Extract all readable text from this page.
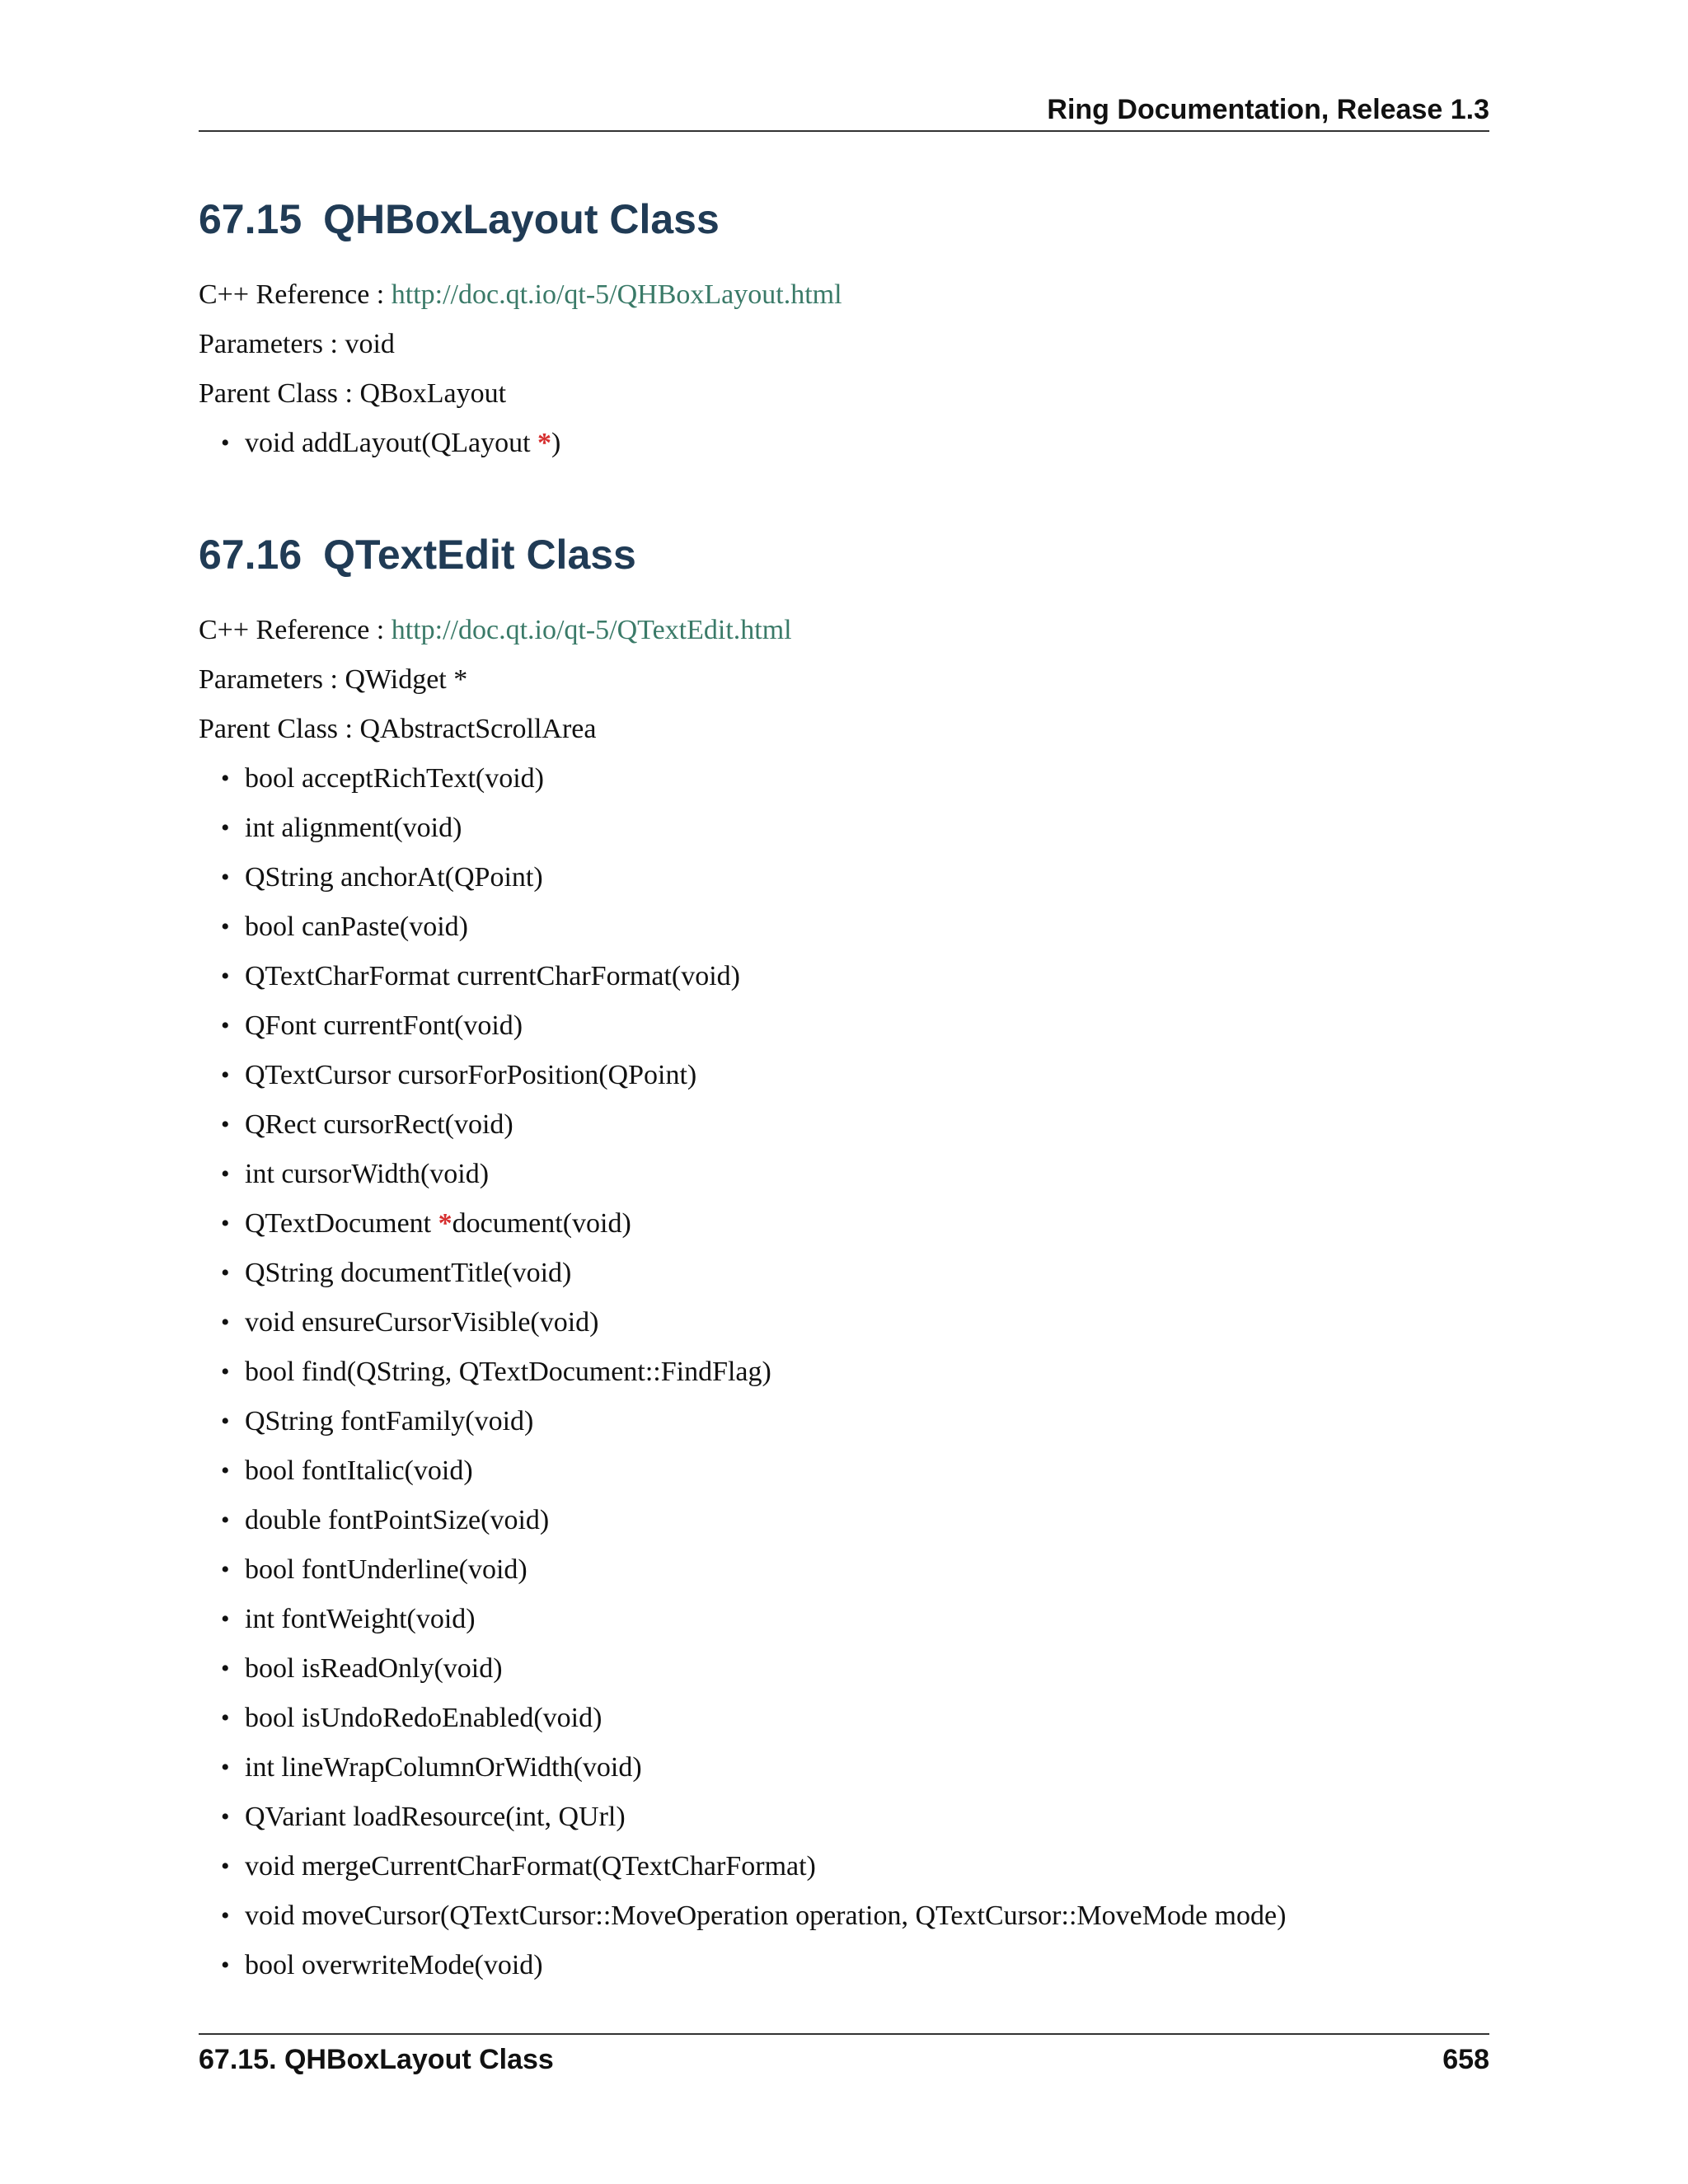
Ring Documentation, Release 1.3
67.15 QHBoxLayout Class
C++ Reference : http://doc.qt.io/qt-5/QHBoxLayout.html
Parameters : void
Parent Class : QBoxLayout
• void addLayout(QLayout *)
67.16 QTextEdit Class
C++ Reference : http://doc.qt.io/qt-5/QTextEdit.html
Parameters : QWidget *
Parent Class : QAbstractScrollArea
• bool acceptRichText(void)
• int alignment(void)
• QString anchorAt(QPoint)
• bool canPaste(void)
• QTextCharFormat currentCharFormat(void)
• QFont currentFont(void)
• QTextCursor cursorForPosition(QPoint)
• QRect cursorRect(void)
• int cursorWidth(void)
• QTextDocument *document(void)
• QString documentTitle(void)
• void ensureCursorVisible(void)
• bool find(QString, QTextDocument::FindFlag)
• QString fontFamily(void)
• bool fontItalic(void)
• double fontPointSize(void)
• bool fontUnderline(void)
• int fontWeight(void)
• bool isReadOnly(void)
• bool isUndoRedoEnabled(void)
• int lineWrapColumnOrWidth(void)
• QVariant loadResource(int, QUrl)
• void mergeCurrentCharFormat(QTextCharFormat)
• void moveCursor(QTextCursor::MoveOperation operation, QTextCursor::MoveMode mode)
• bool overwriteMode(void)
67.15. QHBoxLayout Class	658
